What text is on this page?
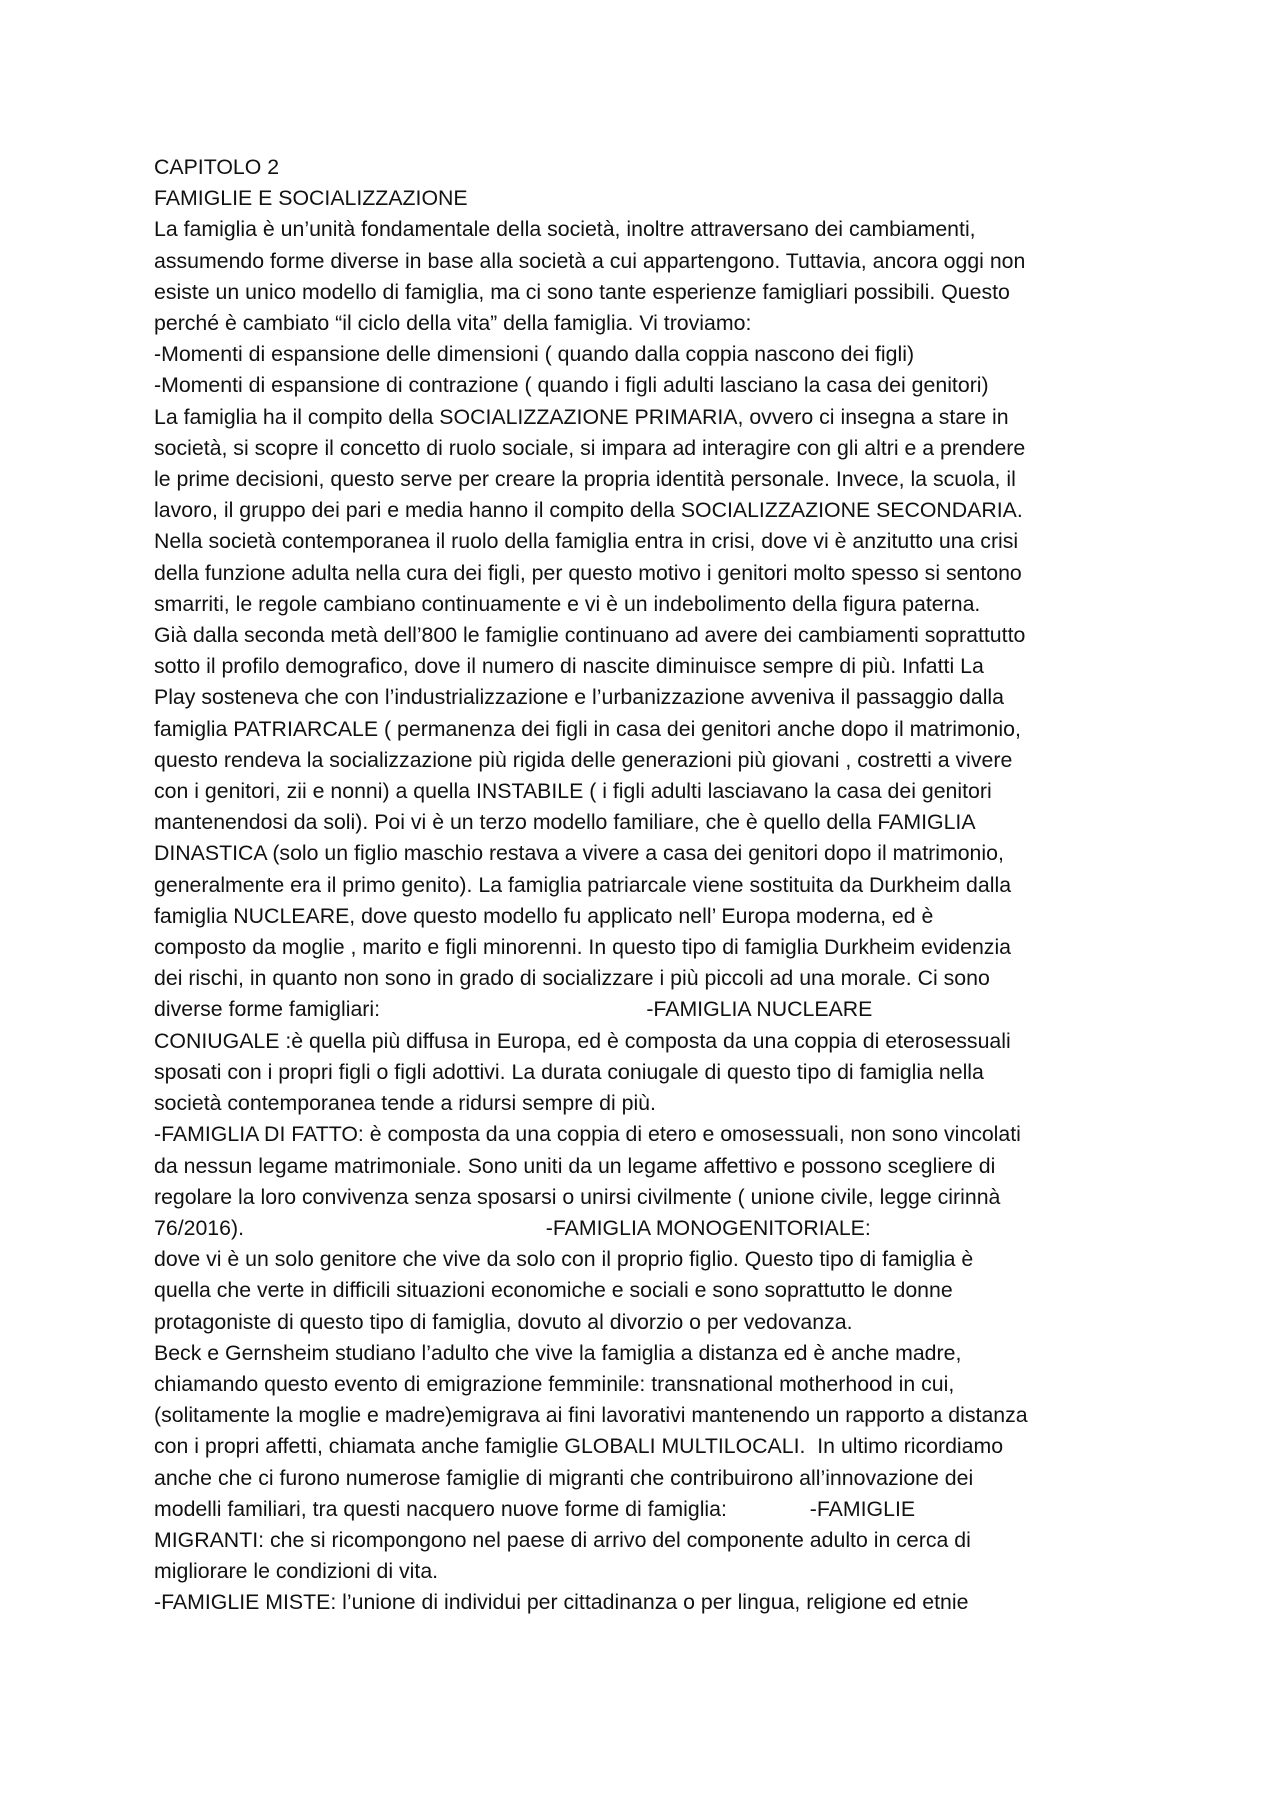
CAPITOLO 2
FAMIGLIE E SOCIALIZZAZIONE
La famiglia è un’unità fondamentale della società, inoltre attraversano dei cambiamenti,
assumendo forme diverse in base alla società a cui appartengono. Tuttavia, ancora oggi non
esiste un unico modello di famiglia, ma ci sono tante esperienze famigliari possibili. Questo
perché è cambiato “il ciclo della vita” della famiglia. Vi troviamo:
-Momenti di espansione delle dimensioni ( quando dalla coppia nascono dei figli)
-Momenti di espansione di contrazione ( quando i figli adulti lasciano la casa dei genitori)
La famiglia ha il compito della SOCIALIZZAZIONE PRIMARIA, ovvero ci insegna a stare in
società, si scopre il concetto di ruolo sociale, si impara ad interagire con gli altri e a prendere
le prime decisioni, questo serve per creare la propria identità personale. Invece, la scuola, il
lavoro, il gruppo dei pari e media hanno il compito della SOCIALIZZAZIONE SECONDARIA.
Nella società contemporanea il ruolo della famiglia entra in crisi, dove vi è anzitutto una crisi
della funzione adulta nella cura dei figli, per questo motivo i genitori molto spesso si sentono
smarriti, le regole cambiano continuamente e vi è un indebolimento della figura paterna.
Già dalla seconda metà dell’800 le famiglie continuano ad avere dei cambiamenti soprattutto
sotto il profilo demografico, dove il numero di nascite diminuisce sempre di più. Infatti La
Play sosteneva che con l’industrializzazione e l’urbanizzazione avveniva il passaggio dalla
famiglia PATRIARCALE ( permanenza dei figli in casa dei genitori anche dopo il matrimonio,
questo rendeva la socializzazione più rigida delle generazioni più giovani , costretti a vivere
con i genitori, zii e nonni) a quella INSTABILE ( i figli adulti lasciavano la casa dei genitori
mantenendosi da soli). Poi vi è un terzo modello familiare, che è quello della FAMIGLIA
DINASTICA (solo un figlio maschio restava a vivere a casa dei genitori dopo il matrimonio,
generalmente era il primo genito). La famiglia patriarcale viene sostituita da Durkheim dalla
famiglia NUCLEARE, dove questo modello fu applicato nell’ Europa moderna, ed è
composto da moglie , marito e figli minorenni. In questo tipo di famiglia Durkheim evidenzia
dei rischi, in quanto non sono in grado di socializzare i più piccoli ad una morale. Ci sono
diverse forme famigliari:                                             -FAMIGLIA NUCLEARE
CONIUGALE :è quella più diffusa in Europa, ed è composta da una coppia di eterosessuali
sposati con i propri figli o figli adottivi. La durata coniugale di questo tipo di famiglia nella
società contemporanea tende a ridursi sempre di più.
-FAMIGLIA DI FATTO: è composta da una coppia di etero e omosessuali, non sono vincolati
da nessun legame matrimoniale. Sono uniti da un legame affettivo e possono scegliere di
regolare la loro convivenza senza sposarsi o unirsi civilmente ( unione civile, legge cirinnà
76/2016).                                                   -FAMIGLIA MONOGENITORIALE:
dove vi è un solo genitore che vive da solo con il proprio figlio. Questo tipo di famiglia è
quella che verte in difficili situazioni economiche e sociali e sono soprattutto le donne
protagoniste di questo tipo di famiglia, dovuto al divorzio o per vedovanza.
Beck e Gernsheim studiano l’adulto che vive la famiglia a distanza ed è anche madre,
chiamando questo evento di emigrazione femminile: transnational motherhood in cui,
(solitamente la moglie e madre)emigrava ai fini lavorativi mantenendo un rapporto a distanza
con i propri affetti, chiamata anche famiglie GLOBALI MULTILOCALI.  In ultimo ricordiamo
anche che ci furono numerose famiglie di migranti che contribuirono all’innovazione dei
modelli familiari, tra questi nacquero nuove forme di famiglia:              -FAMIGLIE
MIGRANTI: che si ricompongono nel paese di arrivo del componente adulto in cerca di
migliorare le condizioni di vita.
-FAMIGLIE MISTE: l’unione di individui per cittadinanza o per lingua, religione ed etnie
